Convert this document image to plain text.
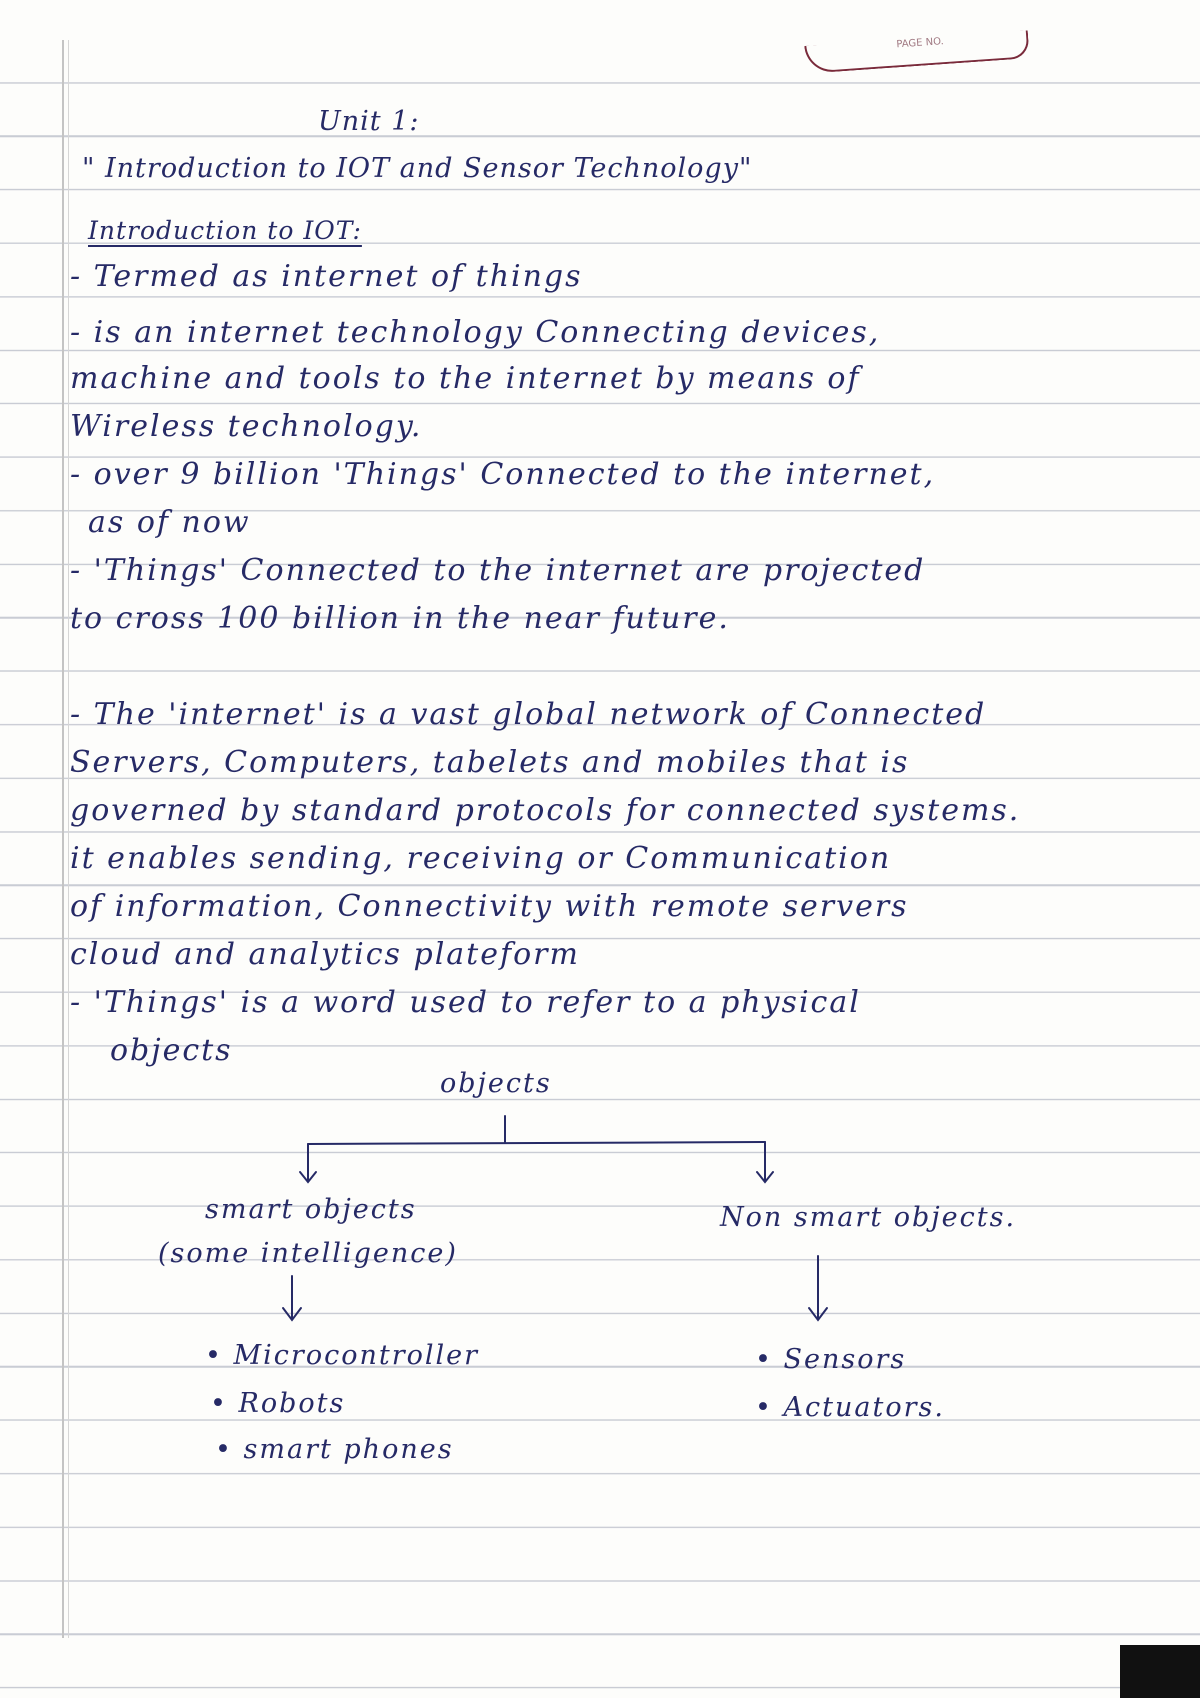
PAGE NO.
Unit 1:
" Introduction to IOT and Sensor Technology"
Introduction to IOT:
- Termed as internet of things
- is an internet technology Connecting devices,
machine and tools to the internet by means of
Wireless technology.
- over 9 billion 'Things' Connected to the internet,
as of now
- 'Things' Connected to the internet are projected
to cross 100 billion in the near future.
- The 'internet' is a vast global network of Connected
Servers, Computers, tabelets and mobiles that is
governed by standard protocols for connected systems.
it enables sending, receiving or Communication
of information, Connectivity with remote servers
cloud and analytics plateform
- 'Things' is a word used to refer to a physical
objects
objects
smart objects
(some intelligence)
Non smart objects.
• Microcontroller
• Robots
• smart phones
• Sensors
• Actuators.
